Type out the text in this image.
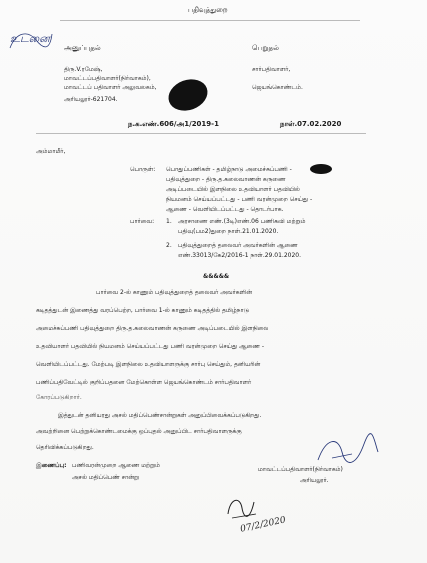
உடனை
பதிவுத்துறை
அனுப்புதல்	பெறுதல்
திரு.V.ரமேஷ்,
மாவட்டப்பதிவாளர்(நிர்வாகம்),
மாவட்டப் பதிவாளர் அலுவலகம்,
அரியலூர்-621704.
சார்பதிவாளர்,
ஜெயங்கொண்டம்.
ந.க.எண்.606/அ1/2019-1	நாள்.07.02.2020
அம்மாமீர்,
பொருள்: பொதுப்பணிகள் - தமிழ்நாடு அமைச்சுப்பணி -
பதிவுத்துறை - திரு.த.கலைவாணன் கருணை
அடிப்படையில் இளநிலை உதவியாளர் பதவியில்
நியமனம் செய்யப்பட்டது - பணி வரன்முறை செய்து -
ஆணை - வெளியிடப்பட்டது - தொடர்பாக.
பார்வை: 1. அரசாணை எண்.(3டி)எண்.06 பணிகவி மற்றும்
பதிவு(பம2)துறை நாள்.21.01.2020.
2. பதிவுத்துறைத் தலைவர் அவர்களின் ஆணை
எண்.33013/கே2/2016-1 நாள்.29.01.2020.
&&&&&
பார்வை 2-ல் காணும் பதிவுத்துறைத் தலைவர் அவர்களின்
கடிதத்துடன் இணைத்து வரப்பெற்ற, பார்வை 1-ல் காணும் கடிதத்தில் தமிழ்நாடு
அமைச்சுப்பணி பதிவுத்துறை திரு.த.கலைவாணன் கருணை அடிப்படையில் இளநிலை
உதவியாளர் பதவியில் நியமனம் செய்யப்பட்டது பணி வரன்முறை செய்து ஆணை -
வெளியிடப்பட்டது. மேற்படி இளநிலை உதவியாளருக்கு சார்பு செய்தும், தனியரின்
பணிப்பதிவேட்டில் குறிப்பதனை மேற்கொள்ள ஜெயங்கொண்டம் சார்பதிவாளர்
கோரப்படுகிறார்.
இத்துடன் தனியரது அசல் மதிப்பெண்சான்றுகள் அனுப்பிவைக்கப்படுகிறது.
அவற்றினை பெற்றுக்கொண்டமைக்கு ஒப்புதல் அனுப்பிட சார்பதிவாளருக்கு
தெரிவிக்கப்படுகிறது.
இணைப்பு: பணிவரன்முறை ஆணை மற்றும்
அசல் மதிப்பெண் சான்று
மாவட்டப்பதிவாளர்(நிர்வாகம்)
அரியலூர்.
07/2/2020
